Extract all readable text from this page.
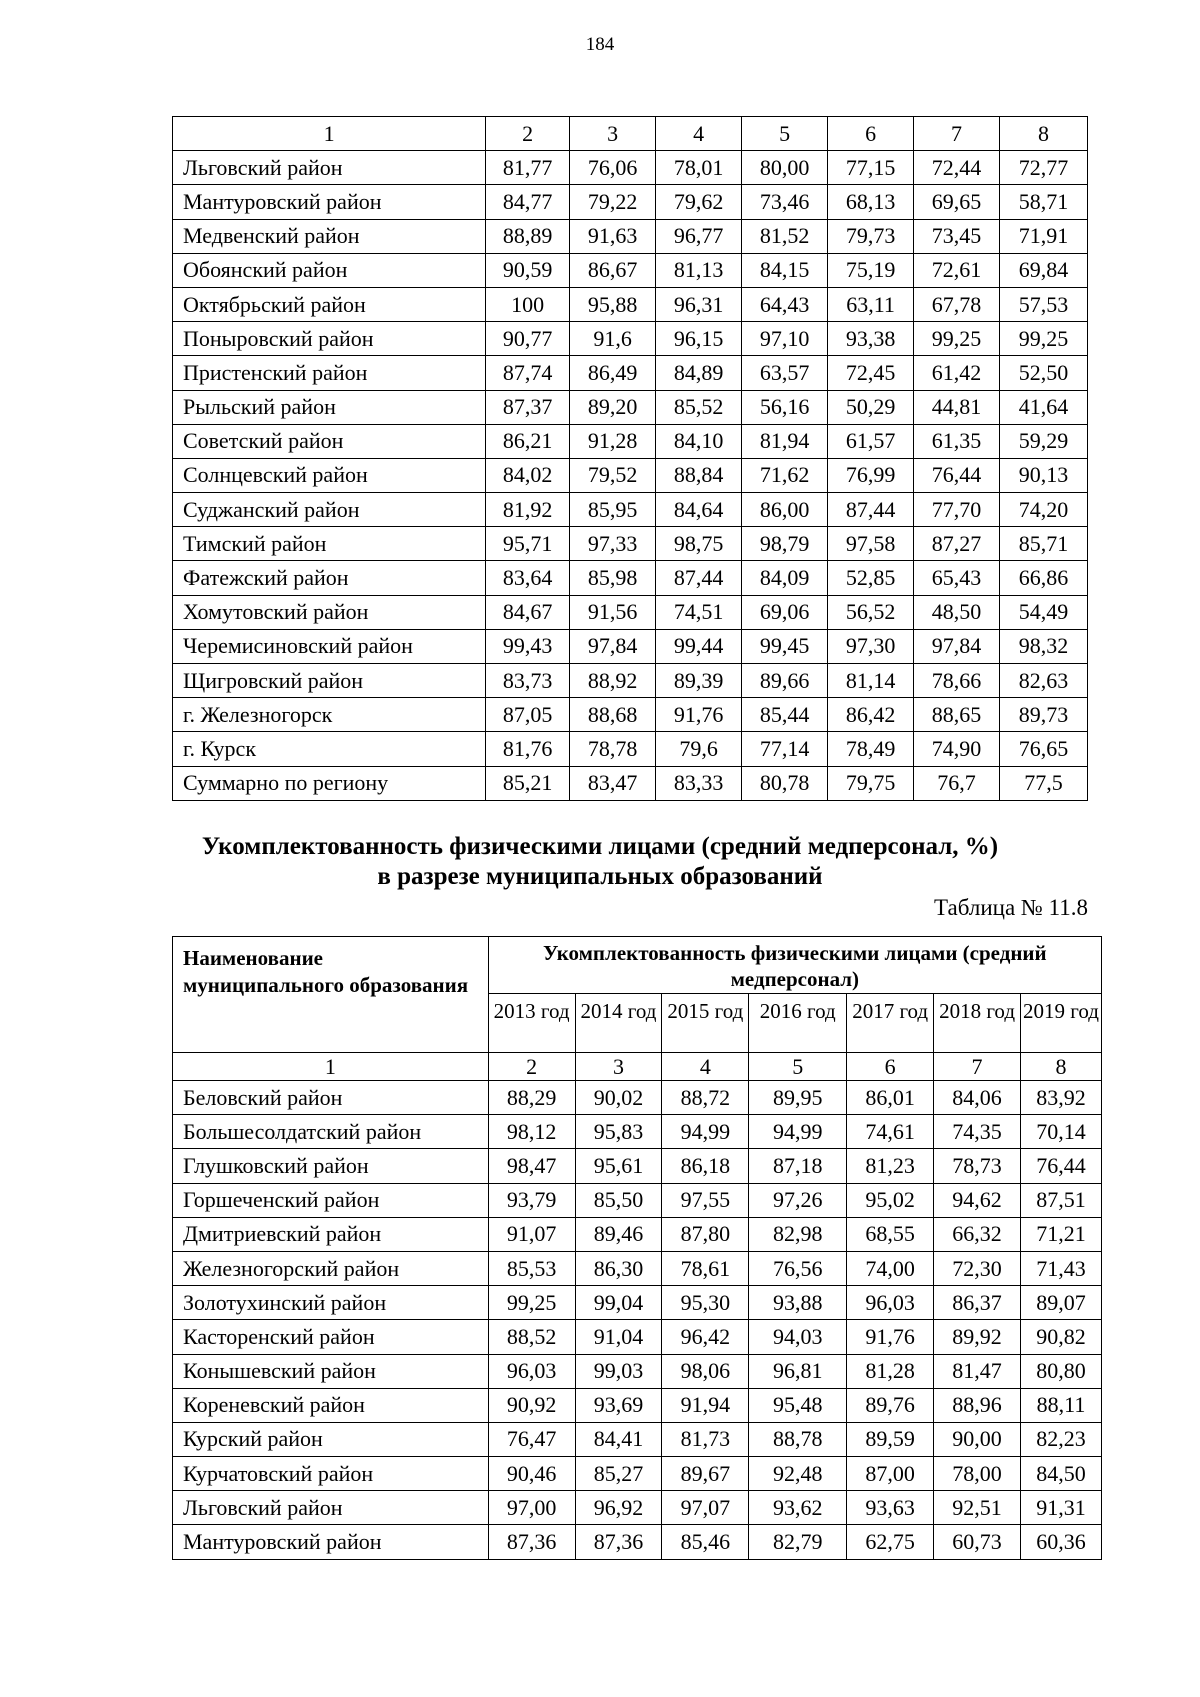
184
1	2	3	4	5	6	7	8
Льговский район	81,77	76,06	78,01	80,00	77,15	72,44	72,77
Мантуровский район	84,77	79,22	79,62	73,46	68,13	69,65	58,71
Медвенский район	88,89	91,63	96,77	81,52	79,73	73,45	71,91
Обоянский район	90,59	86,67	81,13	84,15	75,19	72,61	69,84
Октябрьский район	100	95,88	96,31	64,43	63,11	67,78	57,53
Поныровский район	90,77	91,6	96,15	97,10	93,38	99,25	99,25
Пристенский район	87,74	86,49	84,89	63,57	72,45	61,42	52,50
Рыльский район	87,37	89,20	85,52	56,16	50,29	44,81	41,64
Советский район	86,21	91,28	84,10	81,94	61,57	61,35	59,29
Солнцевский район	84,02	79,52	88,84	71,62	76,99	76,44	90,13
Суджанский район	81,92	85,95	84,64	86,00	87,44	77,70	74,20
Тимский район	95,71	97,33	98,75	98,79	97,58	87,27	85,71
Фатежский район	83,64	85,98	87,44	84,09	52,85	65,43	66,86
Хомутовский район	84,67	91,56	74,51	69,06	56,52	48,50	54,49
Черемисиновский район	99,43	97,84	99,44	99,45	97,30	97,84	98,32
Щигровский район	83,73	88,92	89,39	89,66	81,14	78,66	82,63
г. Железногорск	87,05	88,68	91,76	85,44	86,42	88,65	89,73
г. Курск	81,76	78,78	79,6	77,14	78,49	74,90	76,65
Суммарно по региону	85,21	83,47	83,33	80,78	79,75	76,7	77,5
Укомплектованность физическими лицами (средний медперсонал, %)
в разрезе муниципальных образований
Таблица № 11.8
Наименование муниципального образования	Укомплектованность физическими лицами (средний медперсонал)						
	2013 год	2014 год	2015 год	2016 год	2017 год	2018 год	2019 год
1	2	3	4	5	6	7	8
Беловский район	88,29	90,02	88,72	89,95	86,01	84,06	83,92
Большесолдатский район	98,12	95,83	94,99	94,99	74,61	74,35	70,14
Глушковский район	98,47	95,61	86,18	87,18	81,23	78,73	76,44
Горшеченский район	93,79	85,50	97,55	97,26	95,02	94,62	87,51
Дмитриевский район	91,07	89,46	87,80	82,98	68,55	66,32	71,21
Железногорский район	85,53	86,30	78,61	76,56	74,00	72,30	71,43
Золотухинский район	99,25	99,04	95,30	93,88	96,03	86,37	89,07
Касторенский район	88,52	91,04	96,42	94,03	91,76	89,92	90,82
Конышевский район	96,03	99,03	98,06	96,81	81,28	81,47	80,80
Кореневский район	90,92	93,69	91,94	95,48	89,76	88,96	88,11
Курский район	76,47	84,41	81,73	88,78	89,59	90,00	82,23
Курчатовский район	90,46	85,27	89,67	92,48	87,00	78,00	84,50
Льговский район	97,00	96,92	97,07	93,62	93,63	92,51	91,31
Мантуровский район	87,36	87,36	85,46	82,79	62,75	60,73	60,36
